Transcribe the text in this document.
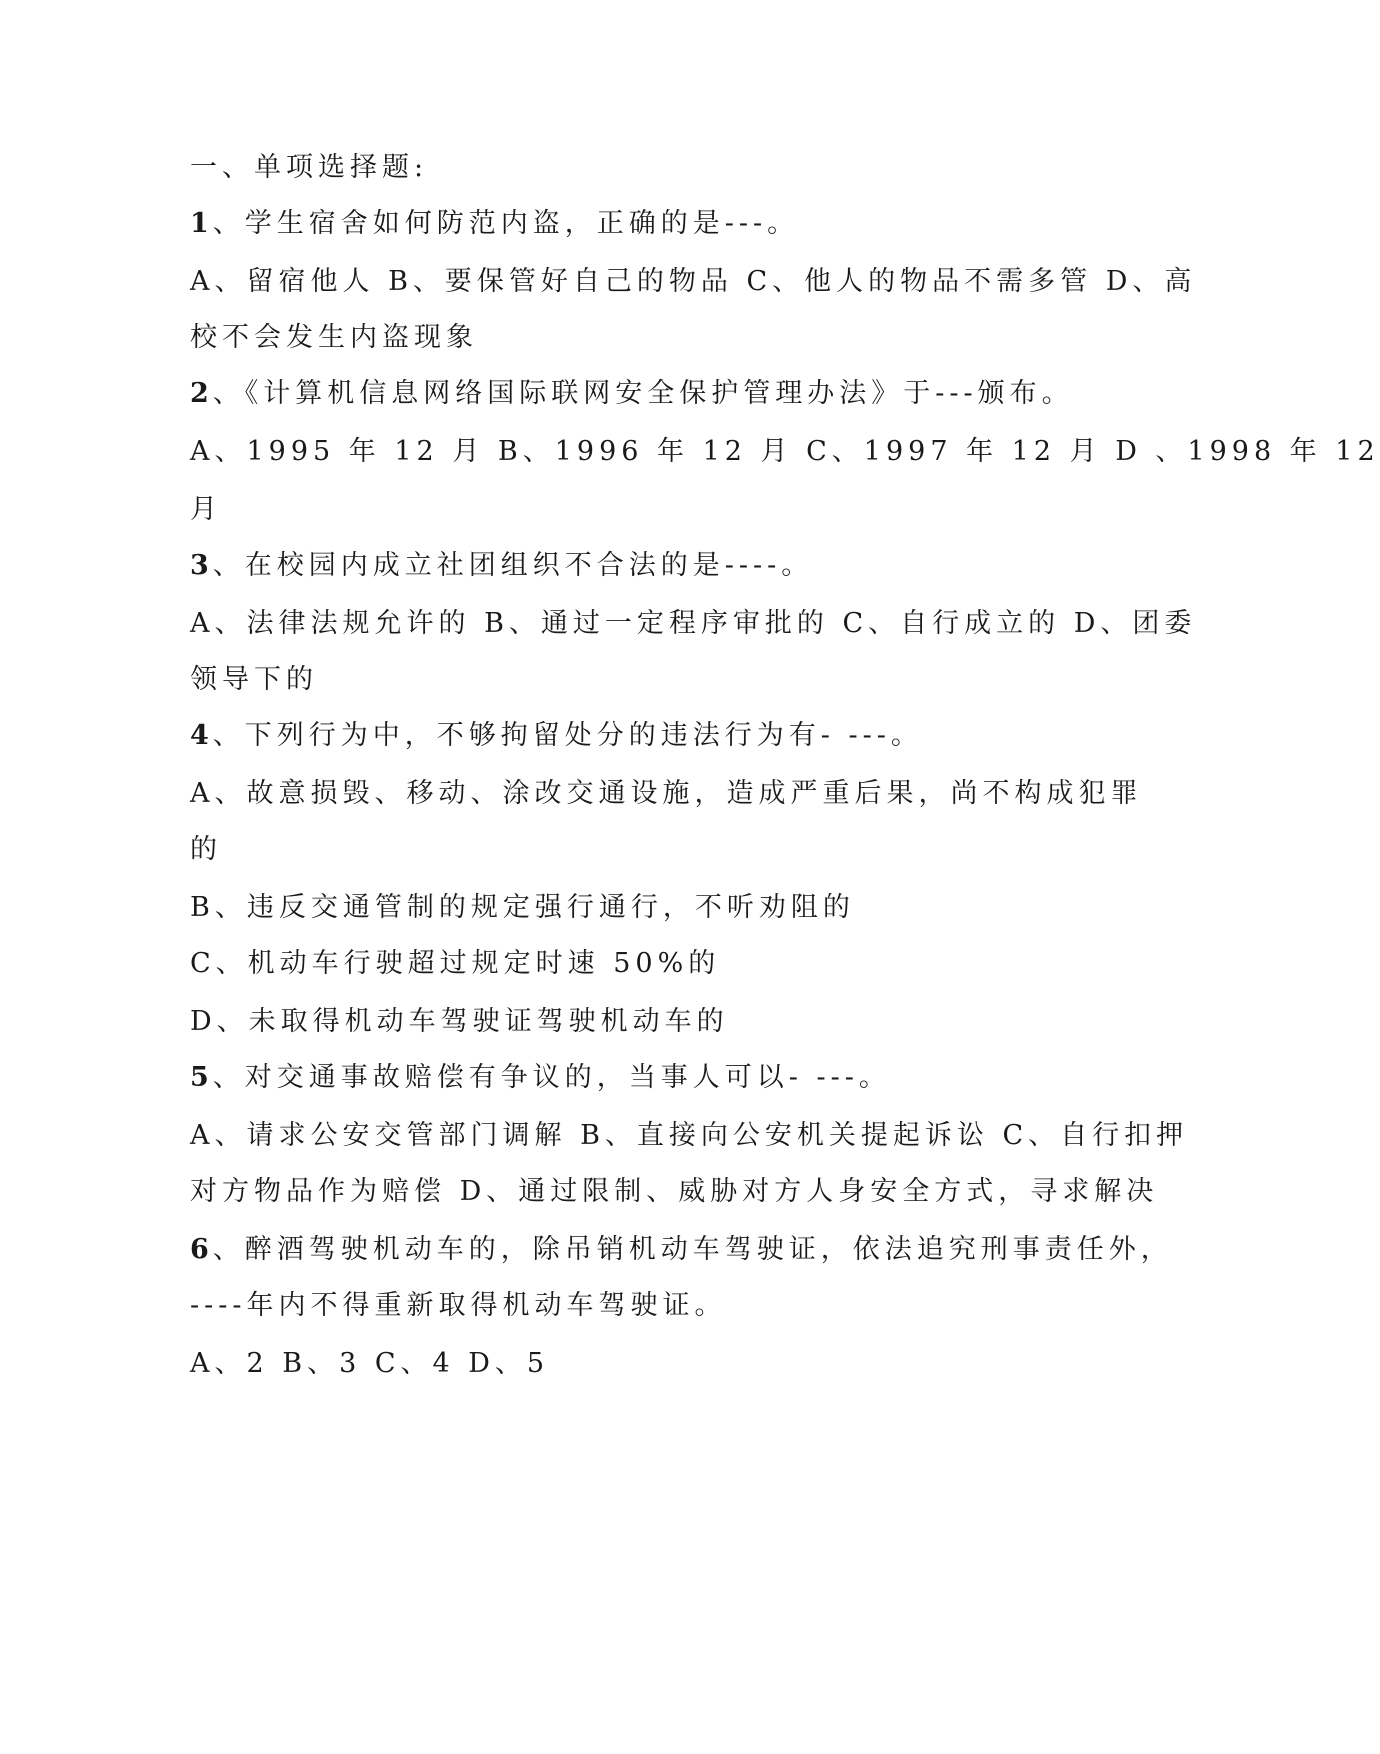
一、单项选择题:
1 、学生宿舍如何防范内盗，正确的是---。
A、留宿他人 B、要保管好自己的物品 C、他人的物品不需多管 D、高
校不会发生内盗现象
2 、《计算机信息网络国际联网安全保护管理办法》于---颁布。
A、1995 年 12 月 B、1996 年 12 月 C、1997 年 12 月 D 、1998 年 12
月
3 、在校园内成立社团组织不合法的是----。
A、法律法规允许的 B、通过一定程序审批的 C、自行成立的 D、团委
领导下的
4 、下列行为中，不够拘留处分的违法行为有- ---。
A、故意损毁、移动、涂改交通设施，造成严重后果，尚不构成犯罪
的
B、违反交通管制的规定强行通行，不听劝阻的
C、机动车行驶超过规定时速 50%的
D、未取得机动车驾驶证驾驶机动车的
5 、对交通事故赔偿有争议的，当事人可以- ---。
A、请求公安交管部门调解 B、直接向公安机关提起诉讼 C、自行扣押
对方物品作为赔偿 D、通过限制、威胁对方人身安全方式，寻求解决
6 、醉酒驾驶机动车的，除吊销机动车驾驶证，依法追究刑事责任外，
----年内不得重新取得机动车驾驶证。
A、2 B、3 C、4 D、5
